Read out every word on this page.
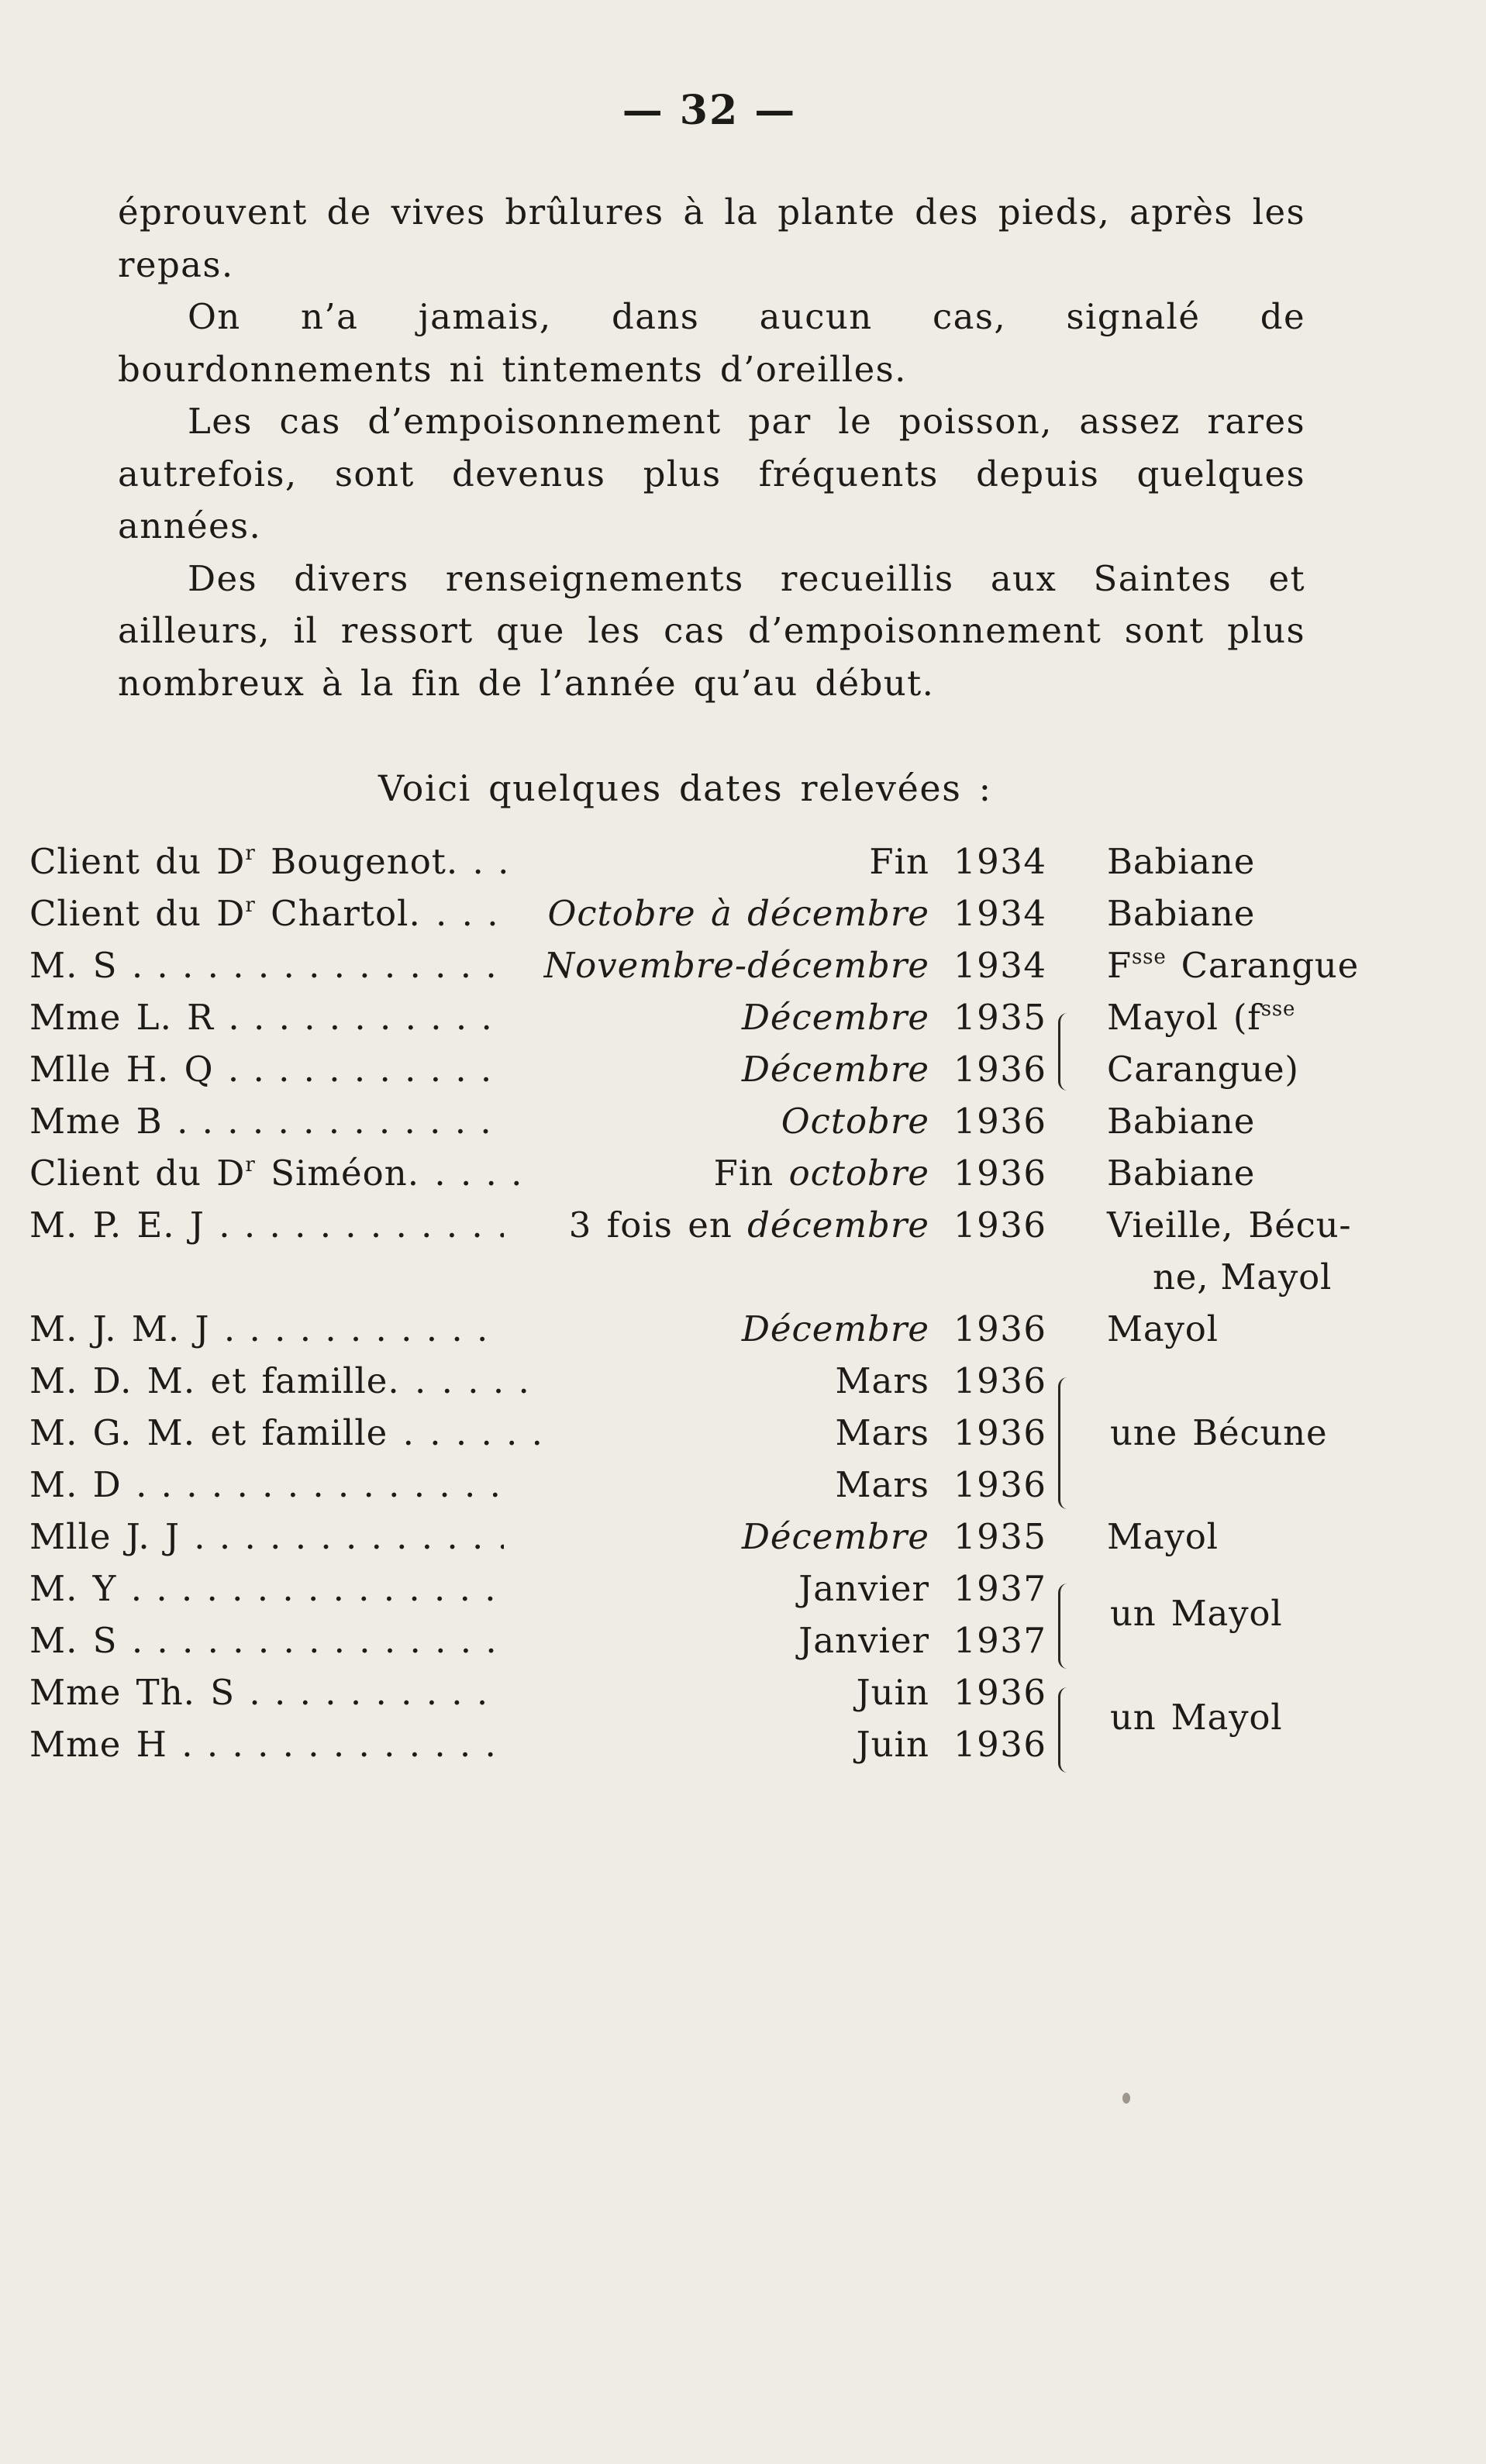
— 32 —

éprouvent de vives brûlures à la plante des pieds, après les repas.

On n’a jamais, dans aucun cas, signalé de bourdonnements ni tintements d’oreilles.

Les cas d’empoisonnement par le poisson, assez rares autrefois, sont devenus plus fréquents depuis quelques années.

Des divers renseignements recueillis aux Saintes et ailleurs, il ressort que les cas d’empoisonnement sont plus nombreux à la fin de l’année qu’au début.

Voici quelques dates relevées :
Client du $D^r$ Bougenot. . . .	Fin 1934 Babiane
Client du $D^r$ Chartol. . . . .	Octobre à décembre 1934 Babiane
M. S . . .	Novembre-décembre 1934 $F^{sse}$ Carangue
Mme L. R . . .	Décembre 1935 Mayol ($f^{sse}$
Mlle H. Q . . .	Décembre 1936 Carangue)
Mme B . . .	Octobre 1936 Babiane
Client du $D^r$ Siméon. . . . .	Fin octobre 1936 Babiane
M. P. E. J . . .	3 fois en décembre 1936 Vieille, Bécu-
ne, Mayol
M. J. M. J . . .	Décembre 1936 Mayol
M. D. M. et famille. . . . . .	Mars 1936
M. G. M. et famille . . . . .	Mars 1936 une Bécune
M. D . . .	Mars 1936
Mlle J. J . . .	Décembre 1935 Mayol
M. Y . . .	Janvier 1937
M. S . . .	Janvier 1937
un Mayol
Mme Th. S . . .	Juin 1936
Mme H . . .	Juin 1936
un Mayol
